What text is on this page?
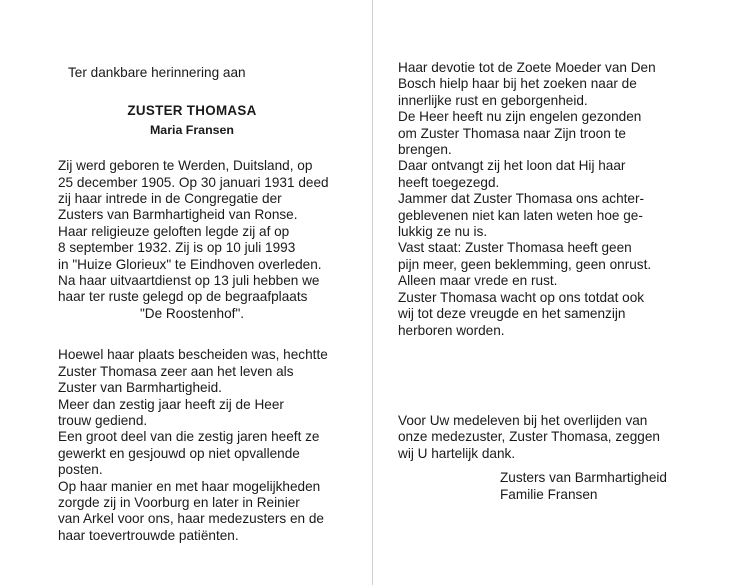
Ter dankbare herinnering aan
ZUSTER THOMASA
Maria Fransen
Zij werd geboren te Werden, Duitsland, op
25 december 1905. Op 30 januari 1931 deed
zij haar intrede in de Congregatie der
Zusters van Barmhartigheid van Ronse.
Haar religieuze geloften legde zij af op
8 september 1932. Zij is op 10 juli 1993
in "Huize Glorieux" te Eindhoven overleden.
Na haar uitvaartdienst op 13 juli hebben we
haar ter ruste gelegd op de begraafplaats
"De Roostenhof".
Hoewel haar plaats bescheiden was, hechtte
Zuster Thomasa zeer aan het leven als
Zuster van Barmhartigheid.
Meer dan zestig jaar heeft zij de Heer
trouw gediend.
Een groot deel van die zestig jaren heeft ze
gewerkt en gesjouwd op niet opvallende
posten.
Op haar manier en met haar mogelijkheden
zorgde zij in Voorburg en later in Reinier
van Arkel voor ons, haar medezusters en de
haar toevertrouwde patiënten.
Haar devotie tot de Zoete Moeder van Den
Bosch hielp haar bij het zoeken naar de
innerlijke rust en geborgenheid.
De Heer heeft nu zijn engelen gezonden
om Zuster Thomasa naar Zijn troon te
brengen.
Daar ontvangt zij het loon dat Hij haar
heeft toegezegd.
Jammer dat Zuster Thomasa ons achter-
geblevenen niet kan laten weten hoe ge-
lukkig ze nu is.
Vast staat: Zuster Thomasa heeft geen
pijn meer, geen beklemming, geen onrust.
Alleen maar vrede en rust.
Zuster Thomasa wacht op ons totdat ook
wij tot deze vreugde en het samenzijn
herboren worden.
Voor Uw medeleven bij het overlijden van
onze medezuster, Zuster Thomasa, zeggen
wij U hartelijk dank.
Zusters van Barmhartigheid
Familie Fransen
